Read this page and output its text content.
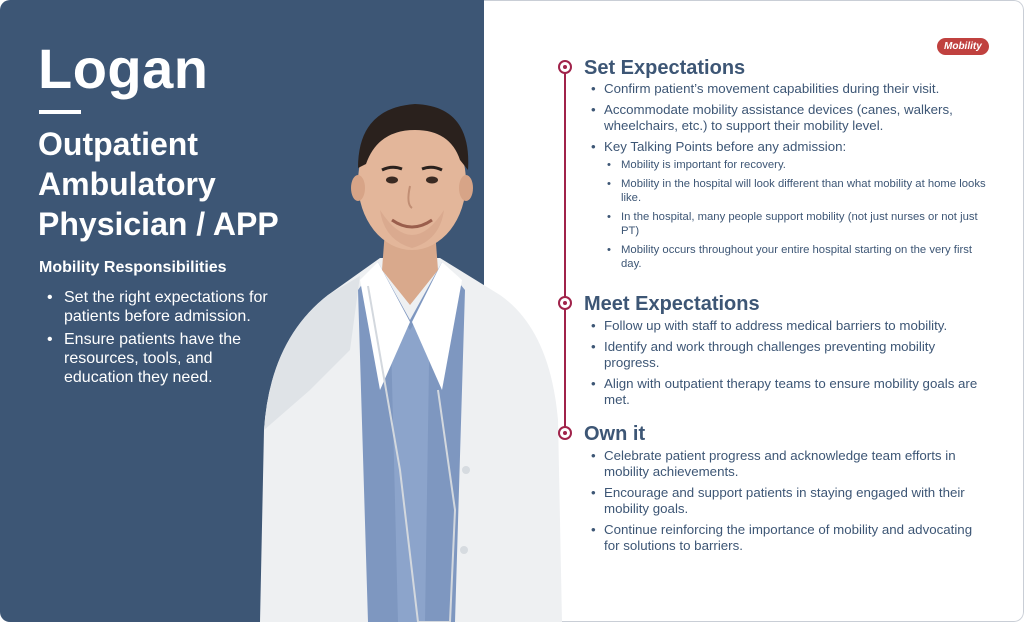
Logan
Outpatient
Ambulatory
Physician / APP
Mobility Responsibilities
• Set the right expectations for patients before admission.
• Ensure patients have the resources, tools, and education they need.
Mobility
Set Expectations
• Confirm patient’s movement capabilities during their visit.
• Accommodate mobility assistance devices (canes, walkers, wheelchairs, etc.) to support their mobility level.
• Key Talking Points before any admission:
• Mobility is important for recovery.
• Mobility in the hospital will look different than what mobility at home looks like.
• In the hospital, many people support mobility (not just nurses or not just PT)
• Mobility occurs throughout your entire hospital starting on the very first day.
Meet Expectations
• Follow up with staff to address medical barriers to mobility.
• Identify and work through challenges preventing mobility progress.
• Align with outpatient therapy teams to ensure mobility goals are met.
Own it
• Celebrate patient progress and acknowledge team efforts in mobility achievements.
• Encourage and support patients in staying engaged with their mobility goals.
• Continue reinforcing the importance of mobility and advocating for solutions to barriers.
